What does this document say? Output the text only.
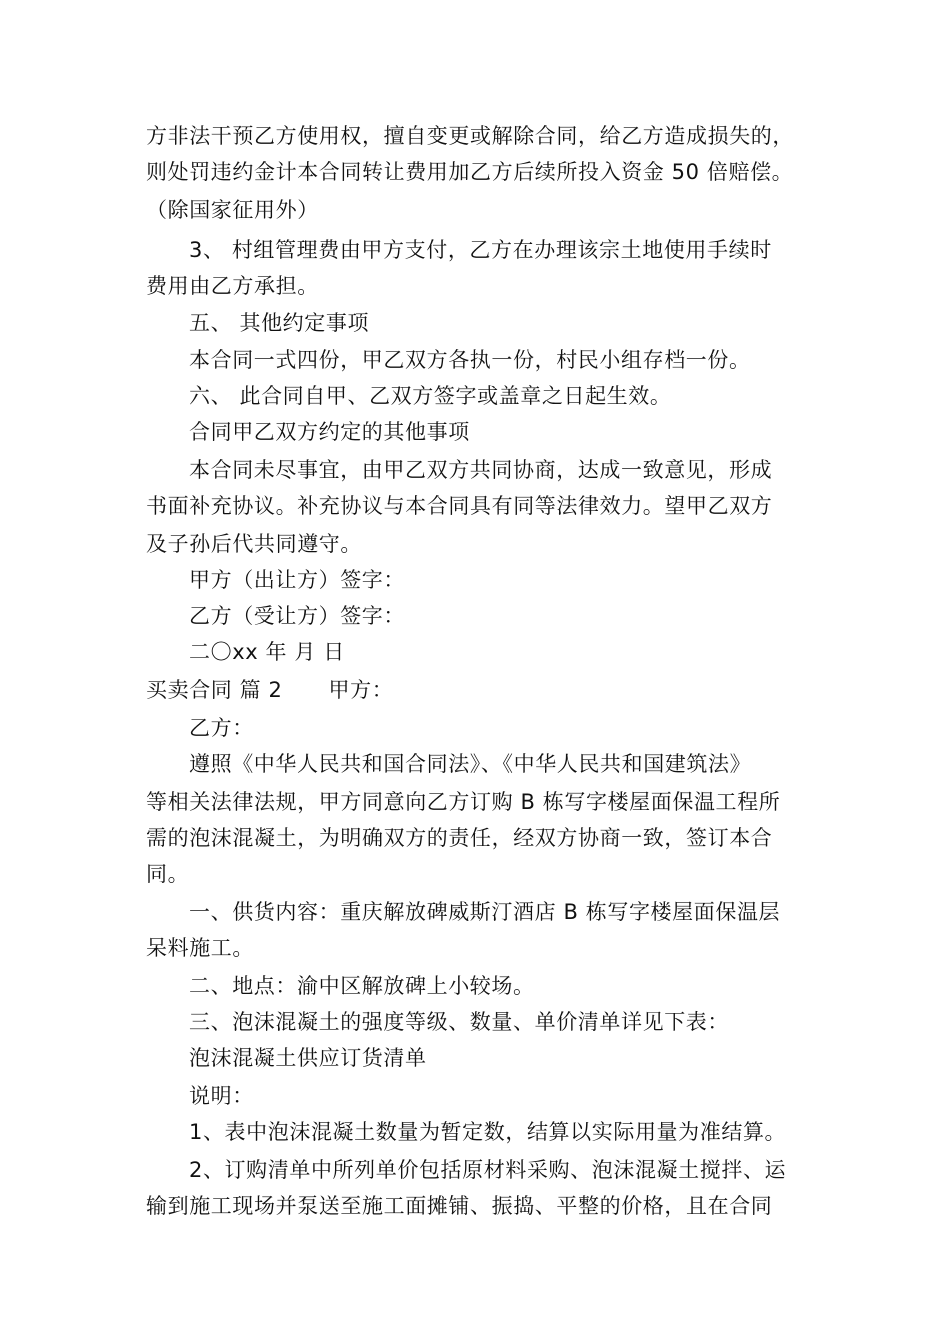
方非法干预乙方使用权，擅自变更或解除合同，给乙方造成损失的，
则处罚违约金计本合同转让费用加乙方后续所投入资金 50 倍赔偿。
（除国家征用外）
3、 村组管理费由甲方支付，乙方在办理该宗土地使用手续时
费用由乙方承担。
五、 其他约定事项
本合同一式四份，甲乙双方各执一份，村民小组存档一份。
六、 此合同自甲、乙双方签字或盖章之日起生效。
合同甲乙双方约定的其他事项
本合同未尽事宜，由甲乙双方共同协商，达成一致意见，形成
书面补充协议。补充协议与本合同具有同等法律效力。望甲乙双方
及子孙后代共同遵守。
甲方（出让方）签字：
乙方（受让方）签字：
二〇xx 年 月 日
买卖合同 篇 2 甲方：
乙方：
遵照《中华人民共和国合同法》、《中华人民共和国建筑法》
等相关法律法规，甲方同意向乙方订购 B 栋写字楼屋面保温工程所
需的泡沫混凝土，为明确双方的责任，经双方协商一致，签订本合
同。
一、供货内容：重庆解放碑威斯汀酒店 B 栋写字楼屋面保温层
呆料施工。
二、地点：渝中区解放碑上小较场。
三、泡沫混凝土的强度等级、数量、单价清单详见下表：
泡沫混凝土供应订货清单
说明：
1、表中泡沫混凝土数量为暂定数，结算以实际用量为准结算。
2、订购清单中所列单价包括原材料采购、泡沫混凝土搅拌、运
输到施工现场并泵送至施工面摊铺、振捣、平整的价格，且在合同
